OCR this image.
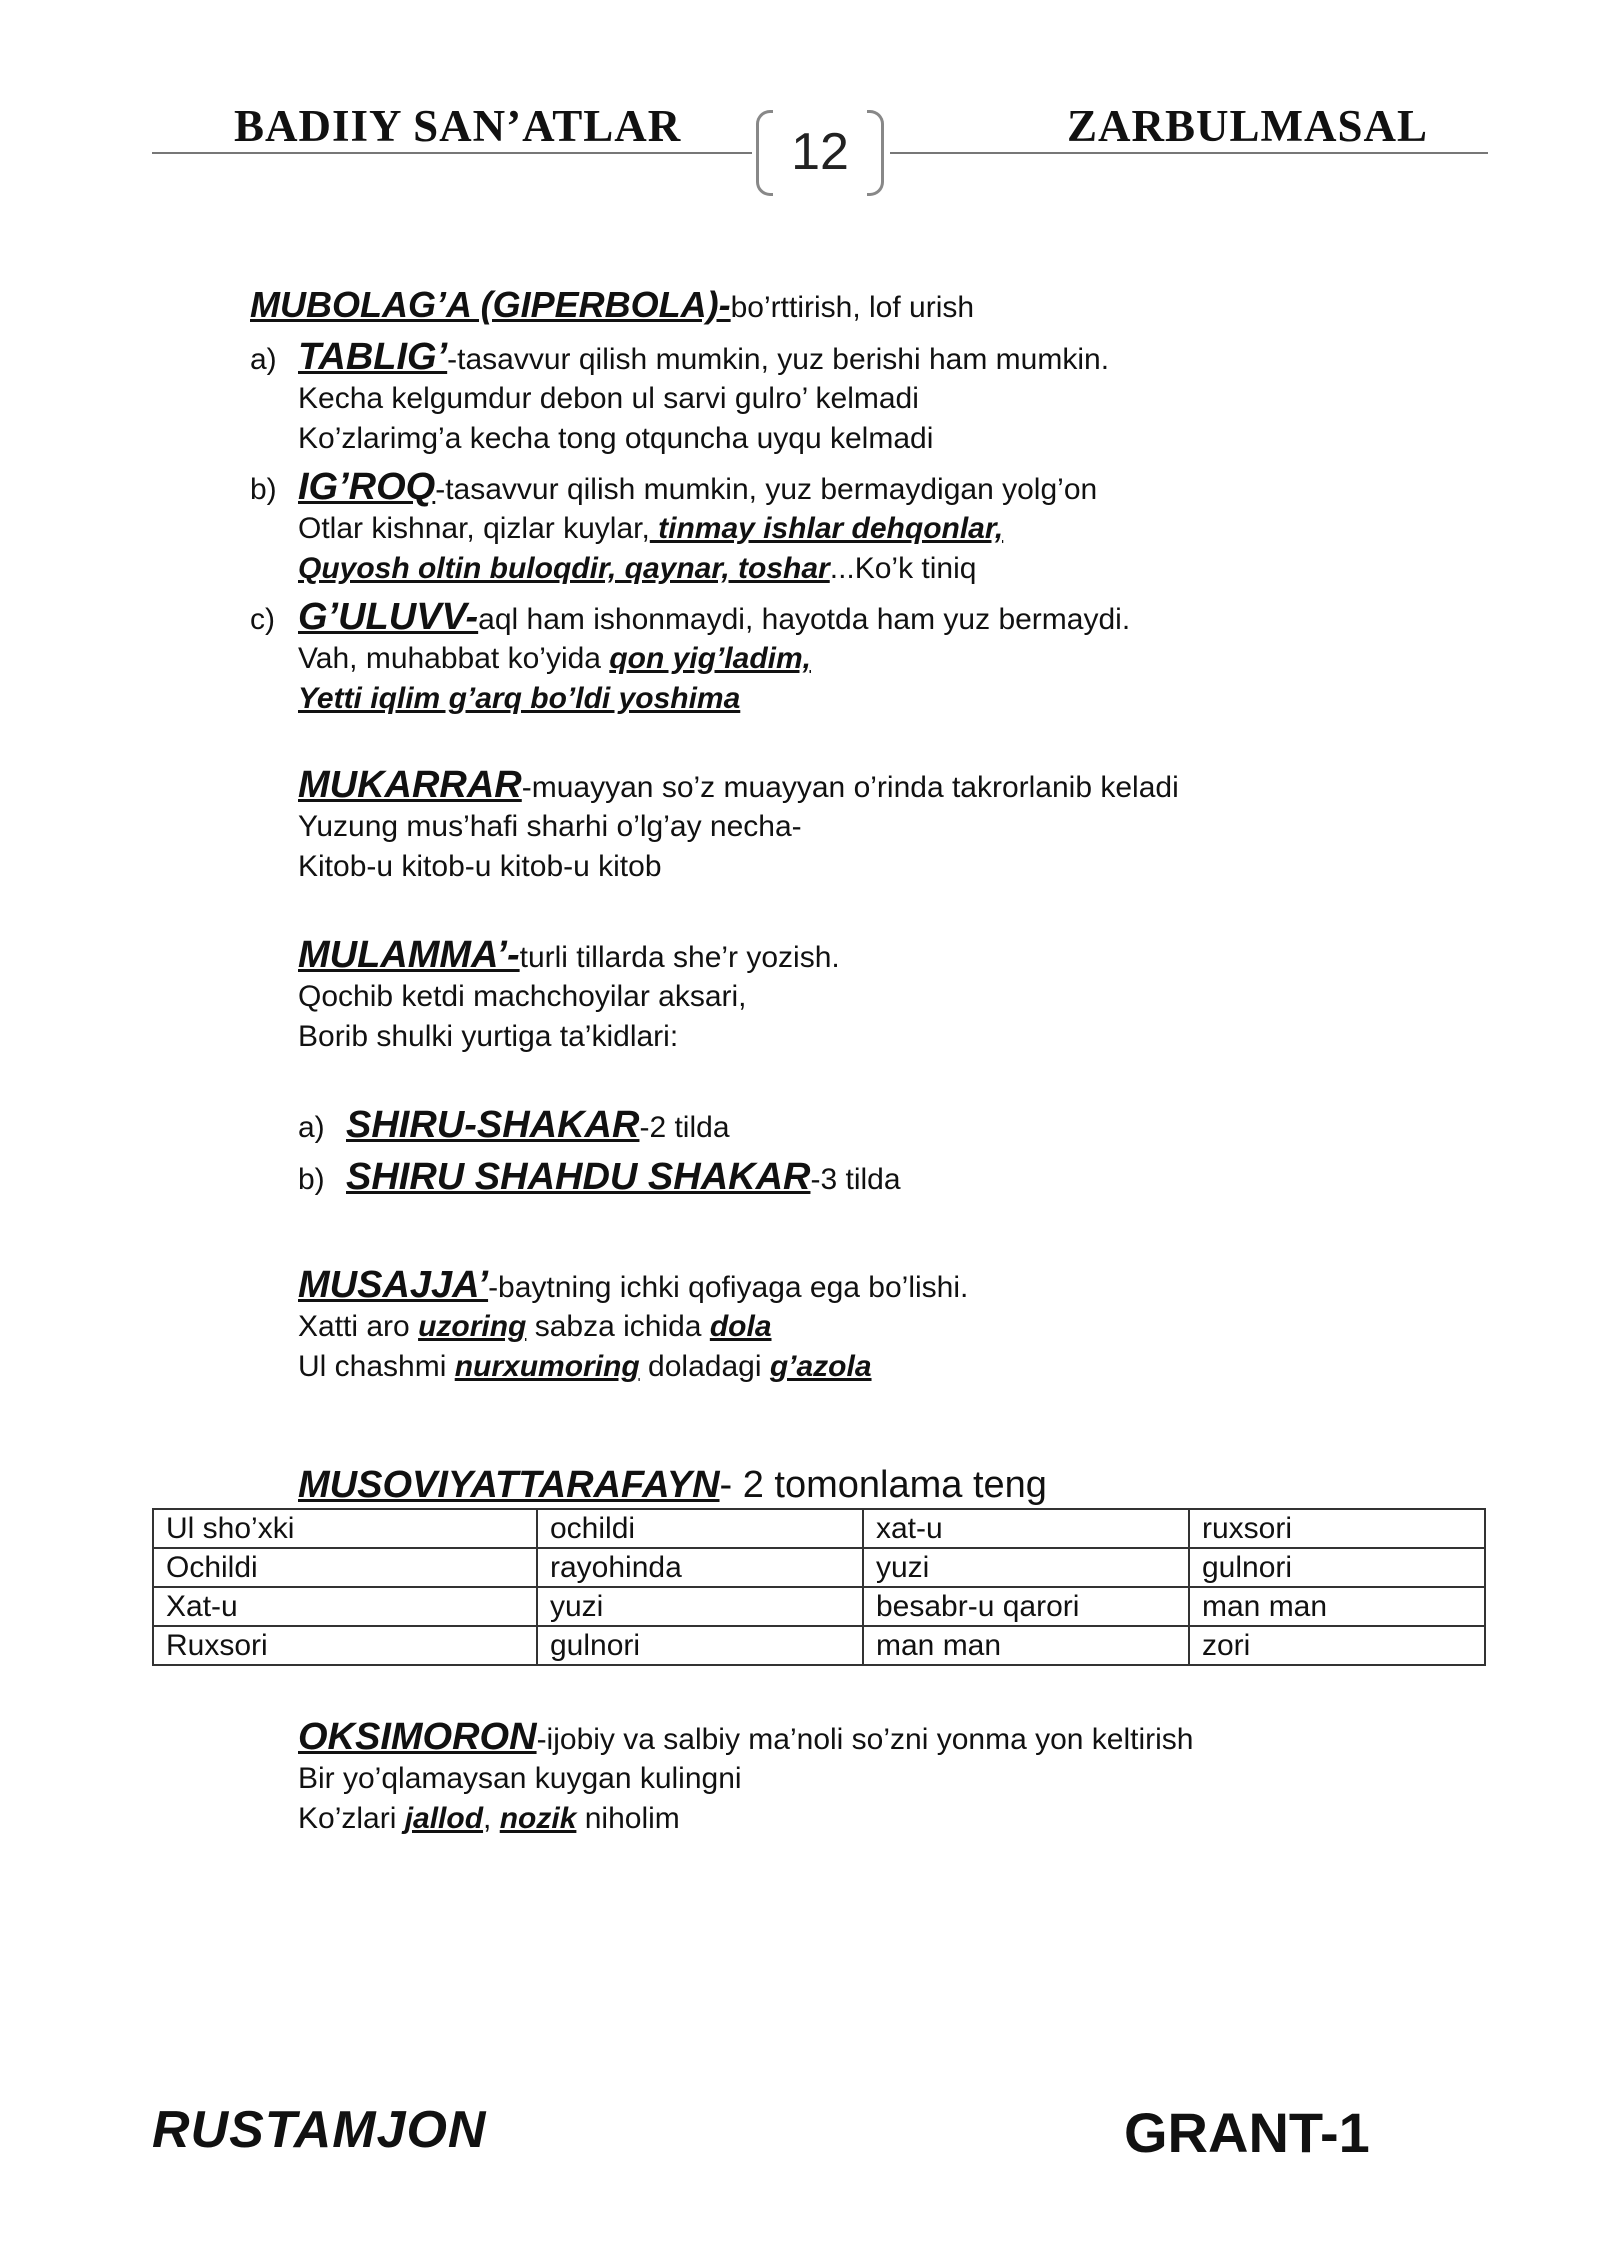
BADIIY SAN’ATLAR	ZARBULMASAL
12
MUBOLAG’A (GIPERBOLA)-bo’rttirish, lof urish
a) TABLIG’-tasavvur qilish mumkin, yuz berishi ham mumkin.
Kecha kelgumdur debon ul sarvi gulro’ kelmadi
Ko’zlarimg’a kecha tong otquncha uyqu kelmadi
b) IG’ROQ-tasavvur qilish mumkin, yuz bermaydigan yolg’on
Otlar kishnar, qizlar kuylar, tinmay ishlar dehqonlar,
Quyosh oltin buloqdir, qaynar, toshar...Ko’k tiniq
c) G’ULUVV-aql ham ishonmaydi, hayotda ham yuz bermaydi.
Vah, muhabbat ko’yida qon yig’ladim,
Yetti iqlim g’arq bo’ldi yoshima
MUKARRAR-muayyan so’z muayyan o’rinda takrorlanib keladi
Yuzung mus’hafi sharhi o’lg’ay necha-
Kitob-u kitob-u kitob-u kitob
MULAMMA’-turli tillarda she’r yozish.
Qochib ketdi machchoyilar aksari,
Borib shulki yurtiga ta’kidlari:
a) SHIRU-SHAKAR-2 tilda
b) SHIRU SHAHDU SHAKAR-3 tilda
MUSAJJA’-baytning ichki qofiyaga ega bo’lishi.
Xatti aro uzoring sabza ichida dola
Ul chashmi nurxumoring doladagi g’azola
MUSOVIYATTARAFAYN- 2 tomonlama teng
OKSIMORON-ijobiy va salbiy ma’noli so’zni yonma yon keltirish
Bir yo’qlamaysan kuygan kulingni
Ko’zlari jallod, nozik niholim
Ul sho’xki	ochildi	xat-u	ruxsori
Ochildi	rayohinda	yuzi	gulnori
Xat-u	yuzi	besabr-u qarori	man man
Ruxsori	gulnori	man man	zori
RUSTAMJON	GRANT-1
